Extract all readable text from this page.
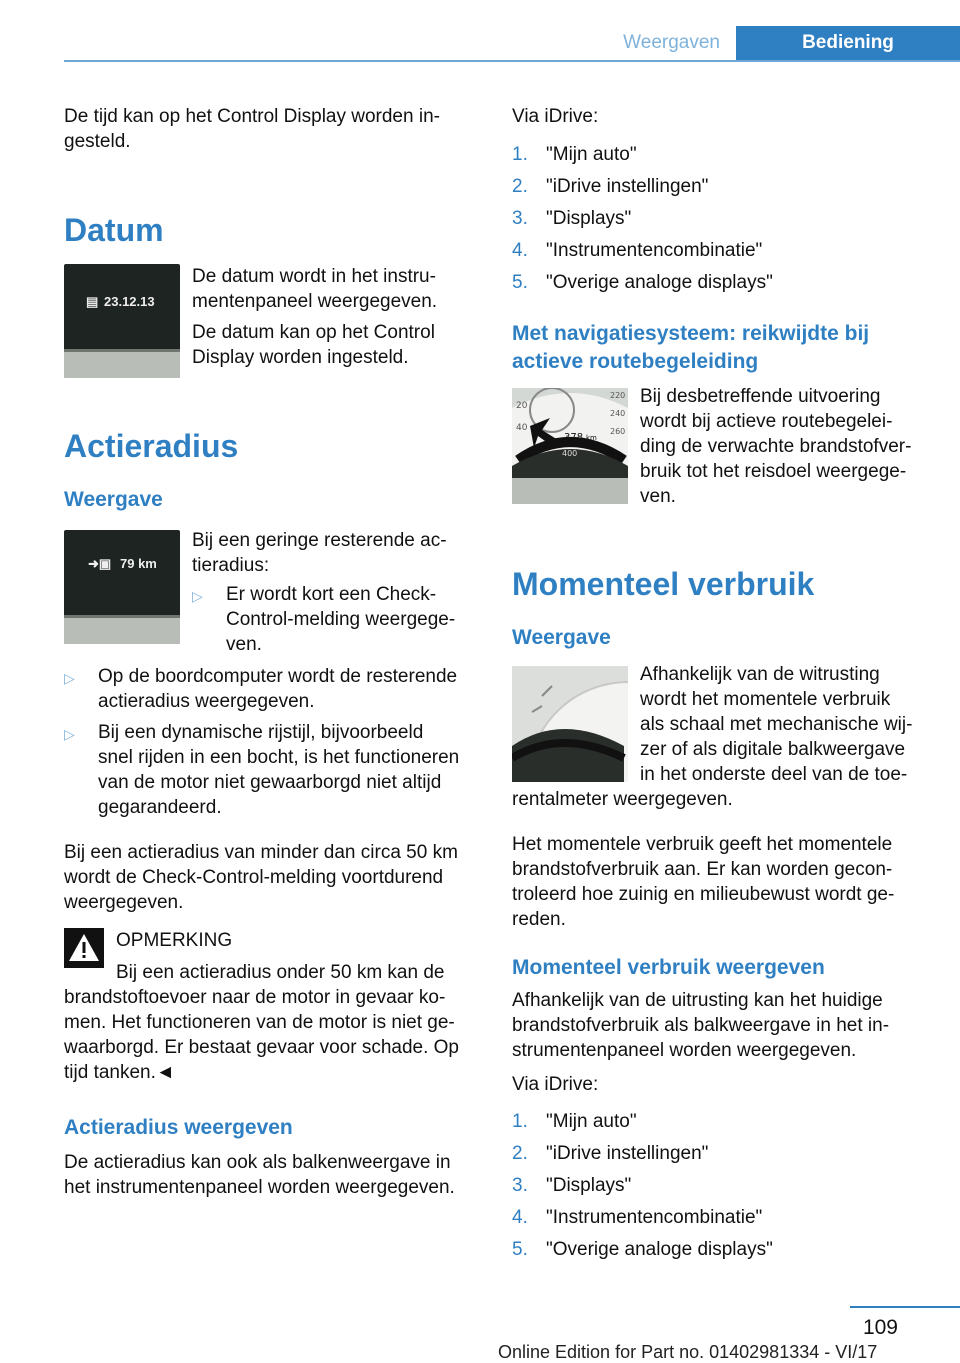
Weergaven	Bediening
De tijd kan op het Control Display worden in-
gesteld.
Datum
▤ 23.12.13
De datum wordt in het instru-
mentenpaneel weergegeven.
De datum kan op het Control
Display worden ingesteld.
Actieradius
Weergave
➜▣ 79 km
Bij een geringe resterende ac-
tieradius:
▷ Er wordt kort een Check-
Control-melding weergege-
ven.
▷ Op de boordcomputer wordt de resterende
actieradius weergegeven.
▷ Bij een dynamische rijstijl, bijvoorbeeld
snel rijden in een bocht, is het functioneren
van de motor niet gewaarborgd niet altijd
gegarandeerd.
Bij een actieradius van minder dan circa 50 km
wordt de Check-Control-melding voortdurend
weergegeven.
OPMERKING
Bij een actieradius onder 50 km kan de
brandstoftoevoer naar de motor in gevaar ko-
men. Het functioneren van de motor is niet ge-
waarborgd. Er bestaat gevaar voor schade. Op
tijd tanken.◄
Actieradius weergeven
De actieradius kan ook als balkenweergave in
het instrumentenpaneel worden weergegeven.
Via iDrive:
1. "Mijn auto"
2. "iDrive instellingen"
3. "Displays"
4. "Instrumentencombinatie"
5. "Overige analoge displays"
Met navigatiesysteem: reikwijdte bij
actieve routebegeleiding
20
40
220
240
260
378 km
400
Bij desbetreffende uitvoering
wordt bij actieve routebegelei-
ding de verwachte brandstofver-
bruik tot het reisdoel weergege-
ven.
Momenteel verbruik
Weergave
Afhankelijk van de witrusting
wordt het momentele verbruik
als schaal met mechanische wij-
zer of als digitale balkweergave
in het onderste deel van de toe-
rentalmeter weergegeven.
Het momentele verbruik geeft het momentele
brandstofverbruik aan. Er kan worden gecon-
troleerd hoe zuinig en milieubewust wordt ge-
reden.
Momenteel verbruik weergeven
Afhankelijk van de uitrusting kan het huidige
brandstofverbruik als balkweergave in het in-
strumentenpaneel worden weergegeven.
Via iDrive:
1. "Mijn auto"
2. "iDrive instellingen"
3. "Displays"
4. "Instrumentencombinatie"
5. "Overige analoge displays"
109
Online Edition for Part no. 01402981334 - VI/17
